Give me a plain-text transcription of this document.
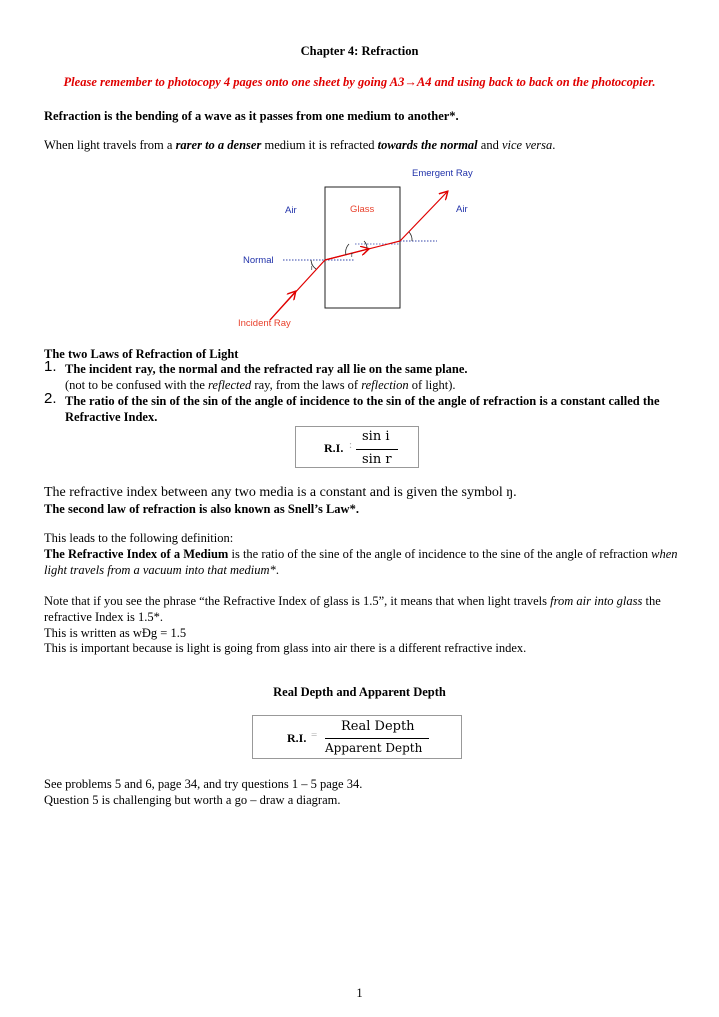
Chapter 4: Refraction
Please remember to photocopy 4 pages onto one sheet by going A3→A4 and using back to back on the photocopier.
Refraction is the bending of a wave as it passes from one medium to another*.
When light travels from a rarer to a denser medium it is refracted towards the normal and vice versa.
i
r
Emergent Ray
Air	Glass	Air
Normal
Incident Ray
The two Laws of Refraction of Light
1. The incident ray, the normal and the refracted ray all lie on the same plane.
(not to be confused with the reflected ray, from the laws of reflection of light).
2. The ratio of the sin of the sin of the angle of incidence to the sin of the angle of refraction is a constant called the Refractive Index.
R.I. :
sin i
sin r
The refractive index between any two media is a constant and is given the symbol ŋ.
The second law of refraction is also known as Snell’s Law*.
This leads to the following definition:
The Refractive Index of a Medium is the ratio of the sine of the angle of incidence to the sine of the angle of refraction when light travels from a vacuum into that medium*.
Note that if you see the phrase “the Refractive Index of glass is 1.5”, it means that when light travels from air into glass the refractive Index is 1.5*.
This is written as wĐg = 1.5
This is important because is light is going from glass into air there is a different refractive index.
Real Depth and Apparent Depth
R.I. =
Real Depth
Apparent Depth
See problems 5 and 6, page 34, and try questions 1 – 5 page 34.
Question 5 is challenging but worth a go – draw a diagram.
1
